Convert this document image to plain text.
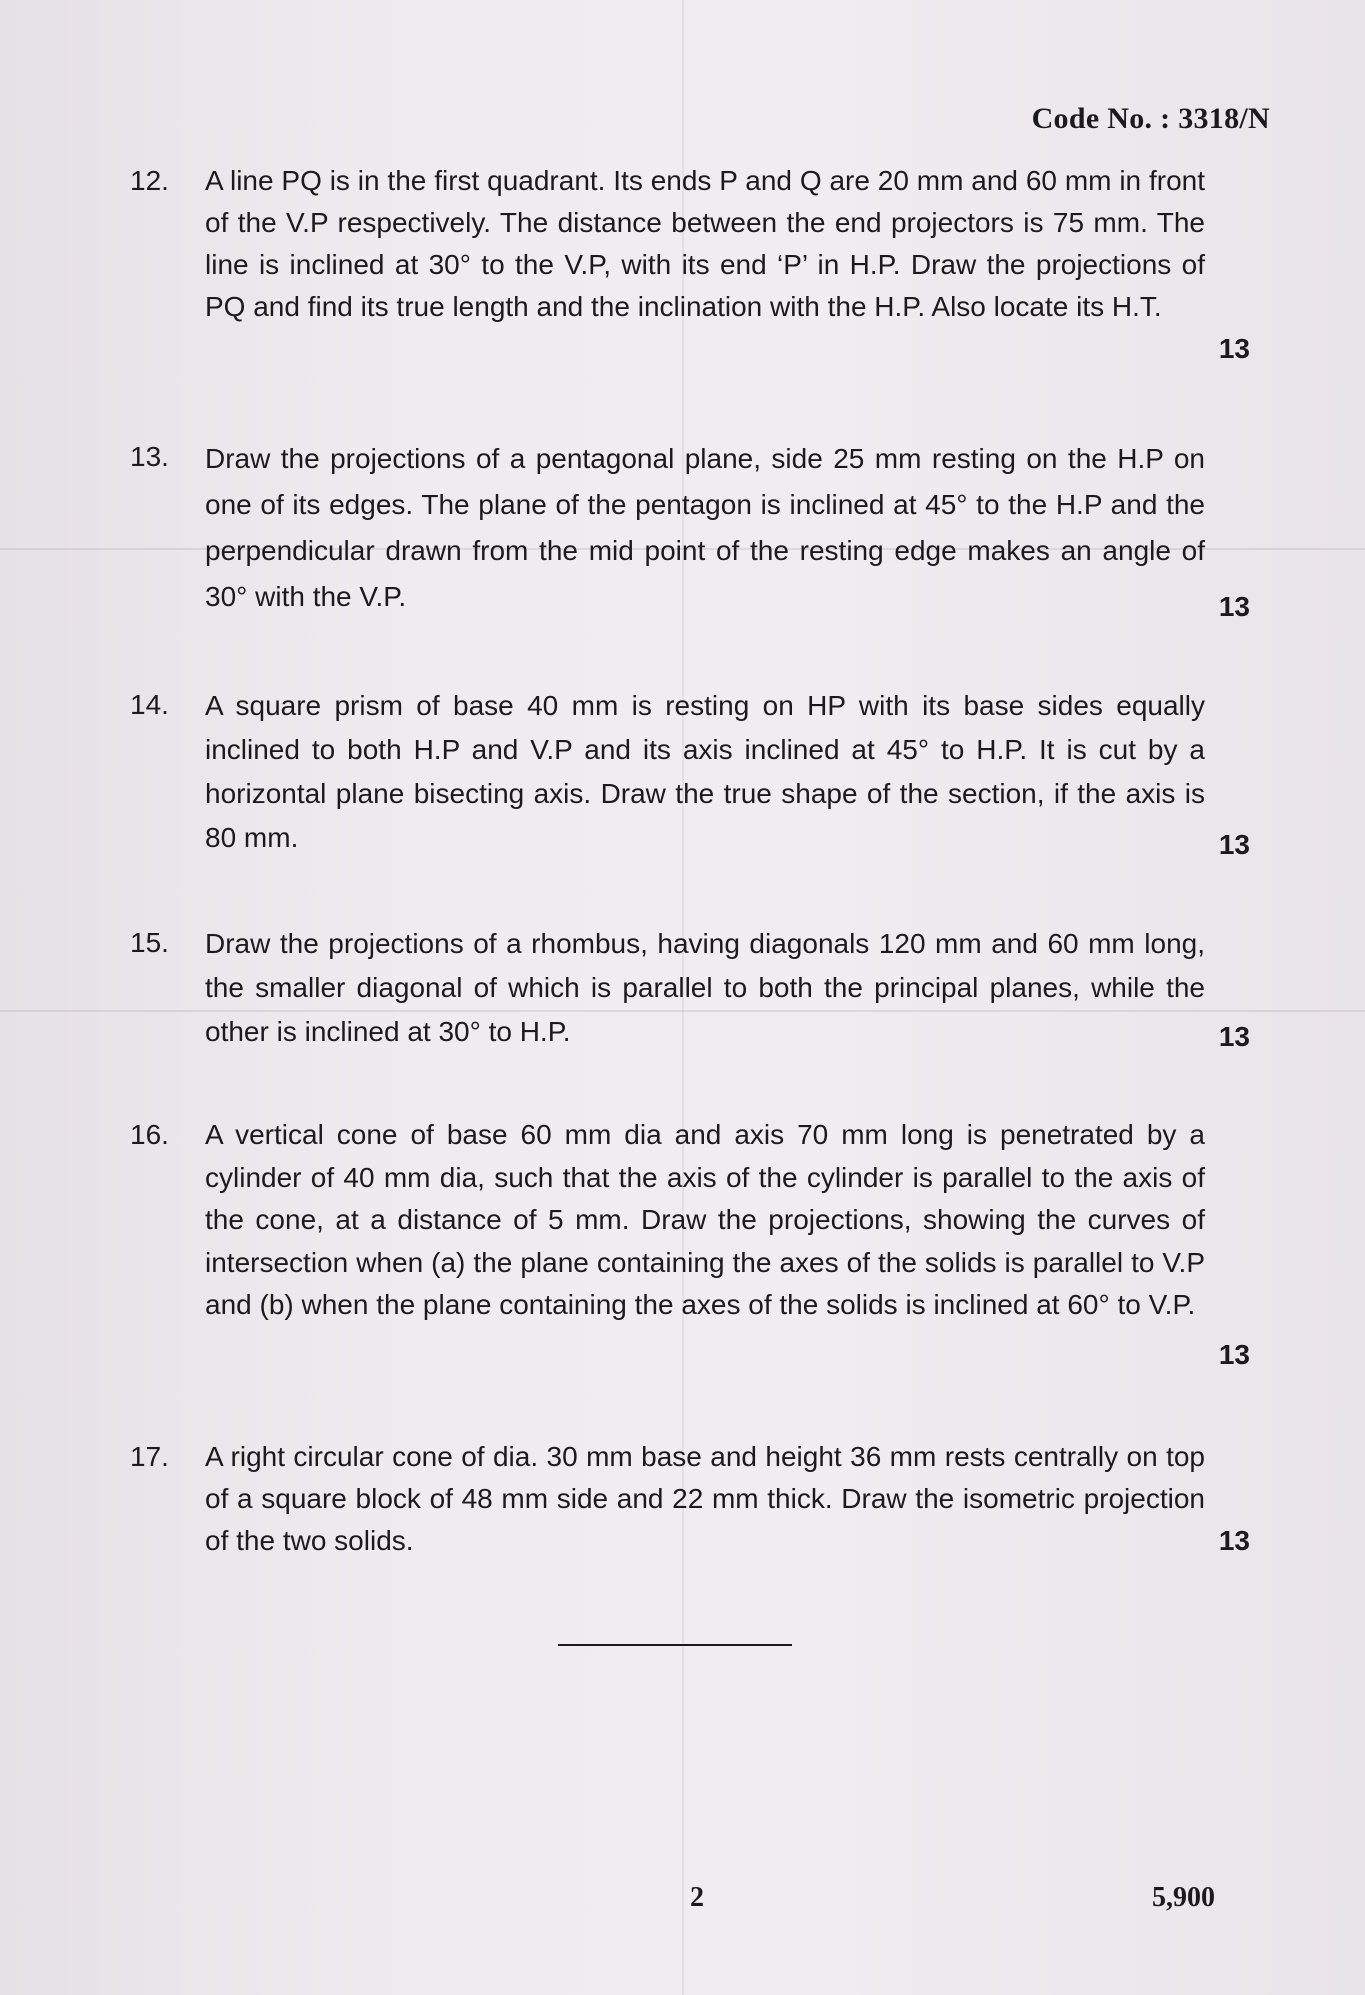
Code No. : 3318/N
12.	A line PQ is in the first quadrant. Its ends P and Q are 20 mm and 60 mm in front of the V.P respectively. The distance between the end projectors is 75 mm. The line is inclined at 30° to the V.P, with its end ‘P’ in H.P. Draw the projections of PQ and find its true length and the inclination with the H.P. Also locate its H.T.
13
13.	Draw the projections of a pentagonal plane, side 25 mm resting on the H.P on one of its edges. The plane of the pentagon is inclined at 45° to the H.P and the perpendicular drawn from the mid point of the resting edge makes an angle of 30° with the V.P.	13
14.	A square prism of base 40 mm is resting on HP with its base sides equally inclined to both H.P and V.P and its axis inclined at 45° to H.P. It is cut by a horizontal plane bisecting axis. Draw the true shape of the section, if the axis is 80 mm.	13
15.	Draw the projections of a rhombus, having diagonals 120 mm and 60 mm long, the smaller diagonal of which is parallel to both the principal planes, while the other is inclined at 30° to H.P.	13
16.	A vertical cone of base 60 mm dia and axis 70 mm long is penetrated by a cylinder of 40 mm dia, such that the axis of the cylinder is parallel to the axis of the cone, at a distance of 5 mm. Draw the projections, showing the curves of intersection when (a) the plane containing the axes of the solids is parallel to V.P and (b) when the plane containing the axes of the solids is inclined at 60° to V.P.
13
17.	A right circular cone of dia. 30 mm base and height 36 mm rests centrally on top of a square block of 48 mm side and 22 mm thick. Draw the isometric projection of the two solids.	13
2	5,900
